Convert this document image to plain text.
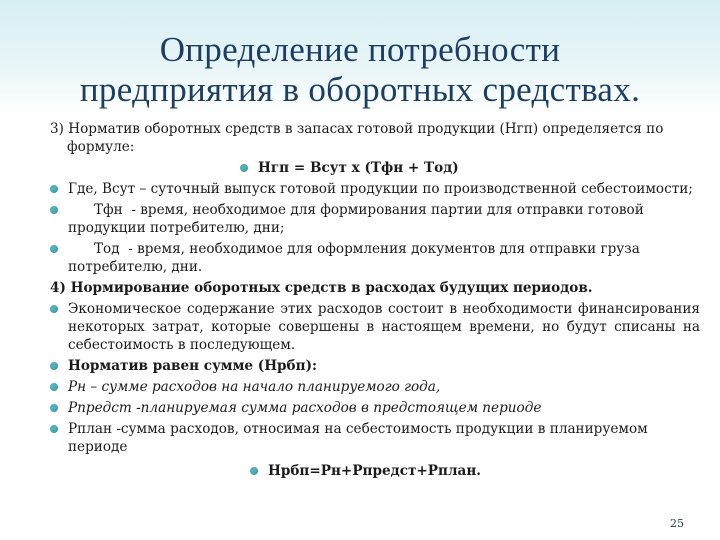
Определение потребности
предприятия в оборотных средствах.
3) Норматив оборотных средств в запасах готовой продукции (Нгп) определяется по формуле:
Нгп = Всут х (Тфн + Тод)
Где, Всут – суточный выпуск готовой продукции по производственной себестоимости;
Тфн  - время, необходимое для формирования партии для отправки готовой продукции потребителю, дни;
Тод  - время, необходимое для оформления документов для отправки груза потребителю, дни.
4) Нормирование оборотных средств в расходах будущих периодов.
Экономическое содержание этих расходов состоит в необходимости финансирования некоторых затрат, которые совершены в настоящем времени, но будут списаны на себестоимость в последующем.
Норматив равен сумме (Нрбп):
Рн – сумме расходов на начало планируемого года,
Рпредст -планируемая сумма расходов в предстоящем периоде
Рплан -сумма расходов, относимая на себестоимость продукции в планируемом периоде
Нрбп=Рн+Рпредст+Рплан.
25
